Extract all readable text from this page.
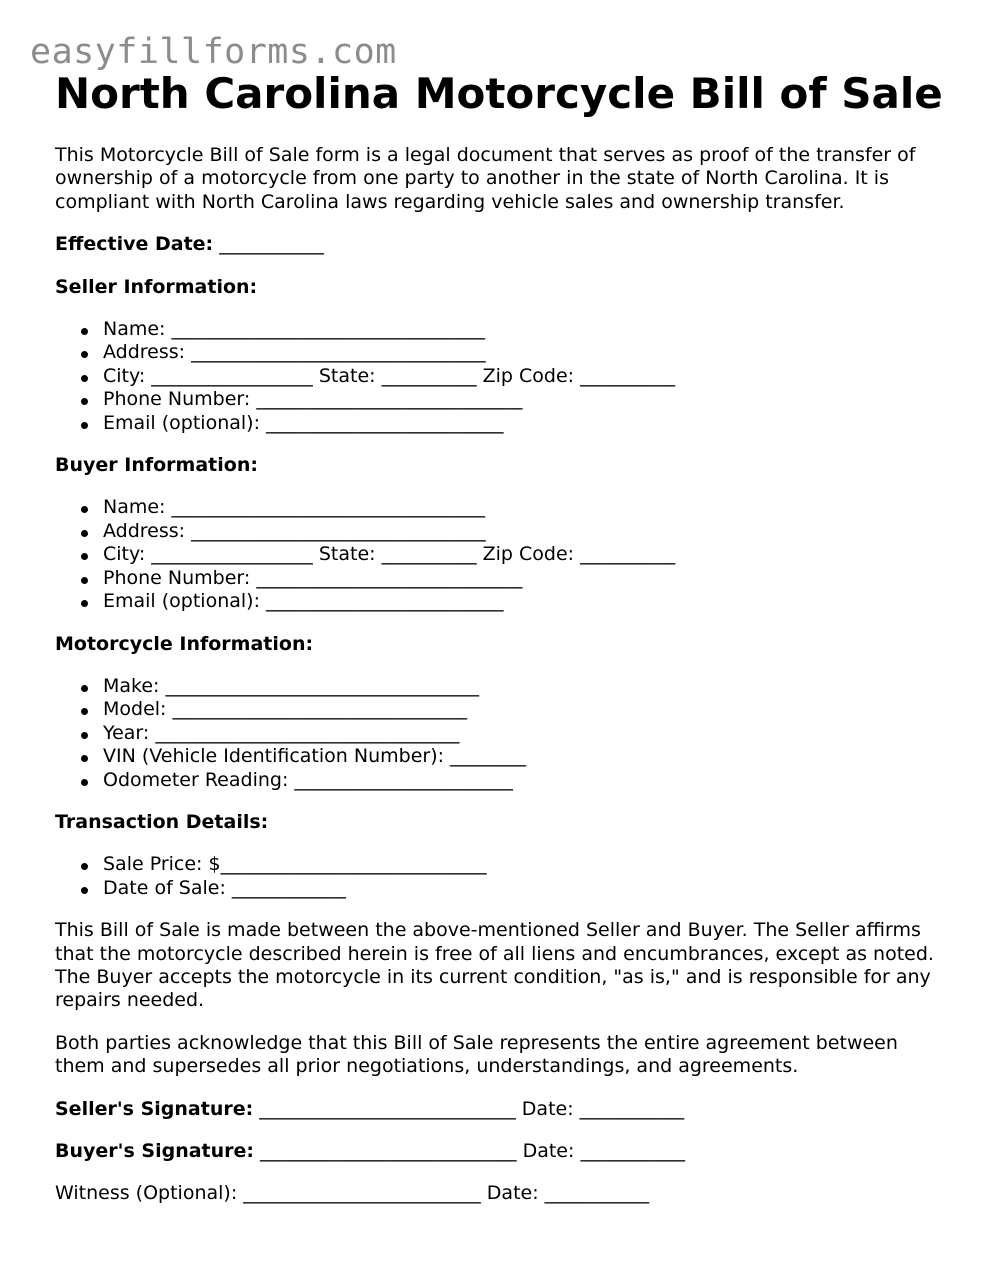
easyfillforms.com
North Carolina Motorcycle Bill of Sale

This Motorcycle Bill of Sale form is a legal document that serves as proof of the transfer of ownership of a motorcycle from one party to another in the state of North Carolina. It is compliant with North Carolina laws regarding vehicle sales and ownership transfer.

Effective Date: ___________

Seller Information:

Name: _________________________________
Address: _______________________________
City: _________________ State: __________ Zip Code: __________
Phone Number: ____________________________
Email (optional): _________________________

Buyer Information:

Name: _________________________________
Address: _______________________________
City: _________________ State: __________ Zip Code: __________
Phone Number: ____________________________
Email (optional): _________________________

Motorcycle Information:

Make: _________________________________
Model: _______________________________
Year: ________________________________
VIN (Vehicle Identification Number): ________
Odometer Reading: _______________________

Transaction Details:

Sale Price: $____________________________
Date of Sale: ____________

This Bill of Sale is made between the above-mentioned Seller and Buyer. The Seller affirms that the motorcycle described herein is free of all liens and encumbrances, except as noted. The Buyer accepts the motorcycle in its current condition, "as is," and is responsible for any repairs needed.

Both parties acknowledge that this Bill of Sale represents the entire agreement between them and supersedes all prior negotiations, understandings, and agreements.

Seller's Signature: ___________________________ Date: ___________

Buyer's Signature: ___________________________ Date: ___________

Witness (Optional): _________________________ Date: ___________
